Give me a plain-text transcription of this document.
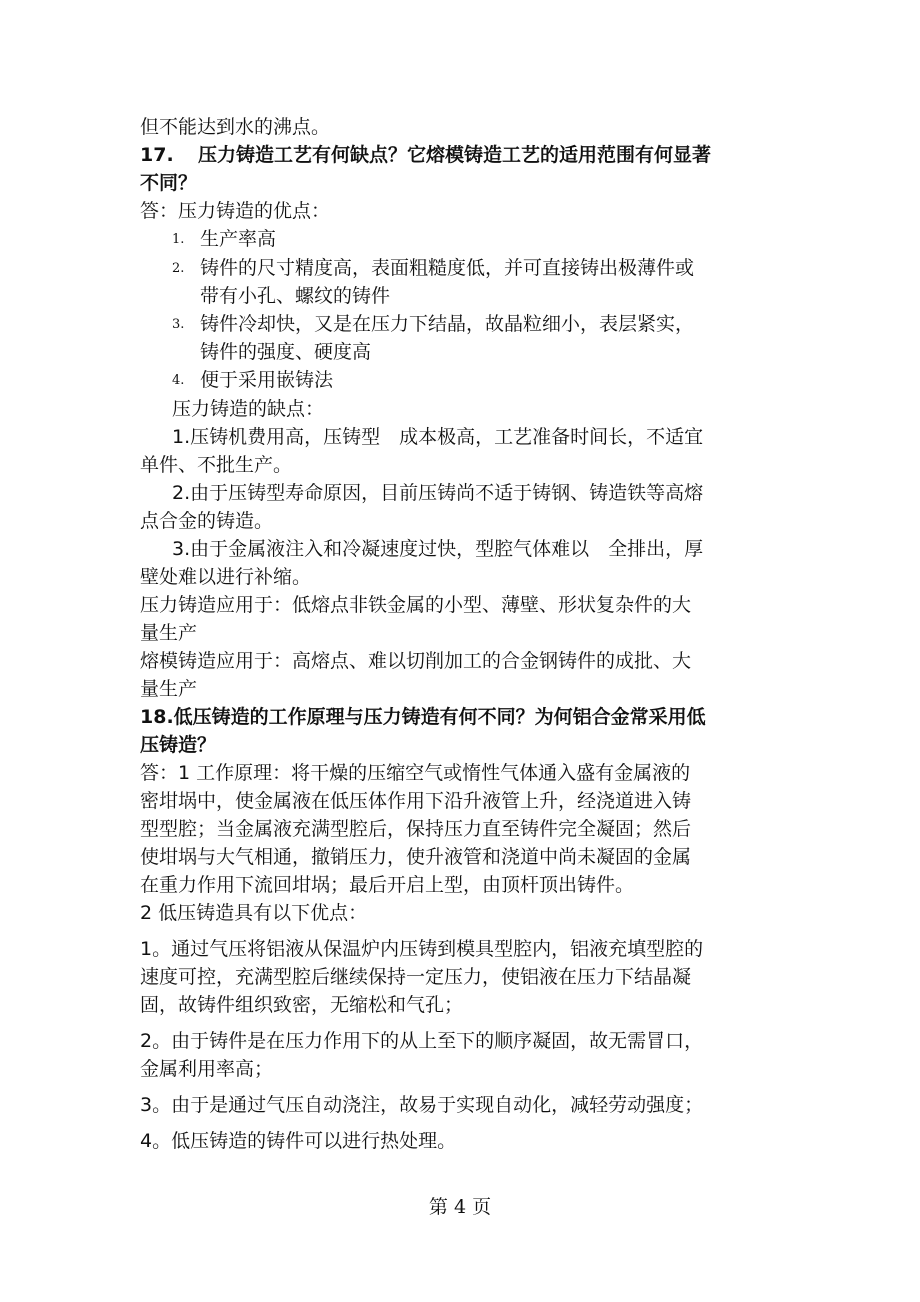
但不能达到水的沸点。
17. 压力铸造工艺有何缺点？它熔模铸造工艺的适用范围有何显著
不同？
答：压力铸造的优点：
1. 生产率高
2. 铸件的尺寸精度高，表面粗糙度低，并可直接铸出极薄件或
带有小孔、螺纹的铸件
3. 铸件冷却快，又是在压力下结晶，故晶粒细小，表层紧实，
铸件的强度、硬度高
4. 便于采用嵌铸法
压力铸造的缺点：
1.压铸机费用高，压铸型　成本极高，工艺准备时间长，不适宜
单件、不批生产。
2.由于压铸型寿命原因，目前压铸尚不适于铸钢、铸造铁等高熔
点合金的铸造。
3.由于金属液注入和冷凝速度过快，型腔气体难以　全排出，厚
壁处难以进行补缩。
压力铸造应用于：低熔点非铁金属的小型、薄壁、形状复杂件的大
量生产
熔模铸造应用于：高熔点、难以切削加工的合金钢铸件的成批、大
量生产
18.低压铸造的工作原理与压力铸造有何不同？为何铝合金常采用低
压铸造？
答：1 工作原理：将干燥的压缩空气或惰性气体通入盛有金属液的
密坩埚中，使金属液在低压体作用下沿升液管上升，经浇道进入铸
型型腔；当金属液充满型腔后，保持压力直至铸件完全凝固；然后
使坩埚与大气相通，撤销压力，使升液管和浇道中尚未凝固的金属
在重力作用下流回坩埚；最后开启上型，由顶杆顶出铸件。
2 低压铸造具有以下优点：
1。通过气压将铝液从保温炉内压铸到模具型腔内，铝液充填型腔的
速度可控，充满型腔后继续保持一定压力，使铝液在压力下结晶凝
固，故铸件组织致密，无缩松和气孔；
2。由于铸件是在压力作用下的从上至下的顺序凝固，故无需冒口，
金属利用率高；
3。由于是通过气压自动浇注，故易于实现自动化，减轻劳动强度；
4。低压铸造的铸件可以进行热处理。
第 4 页
